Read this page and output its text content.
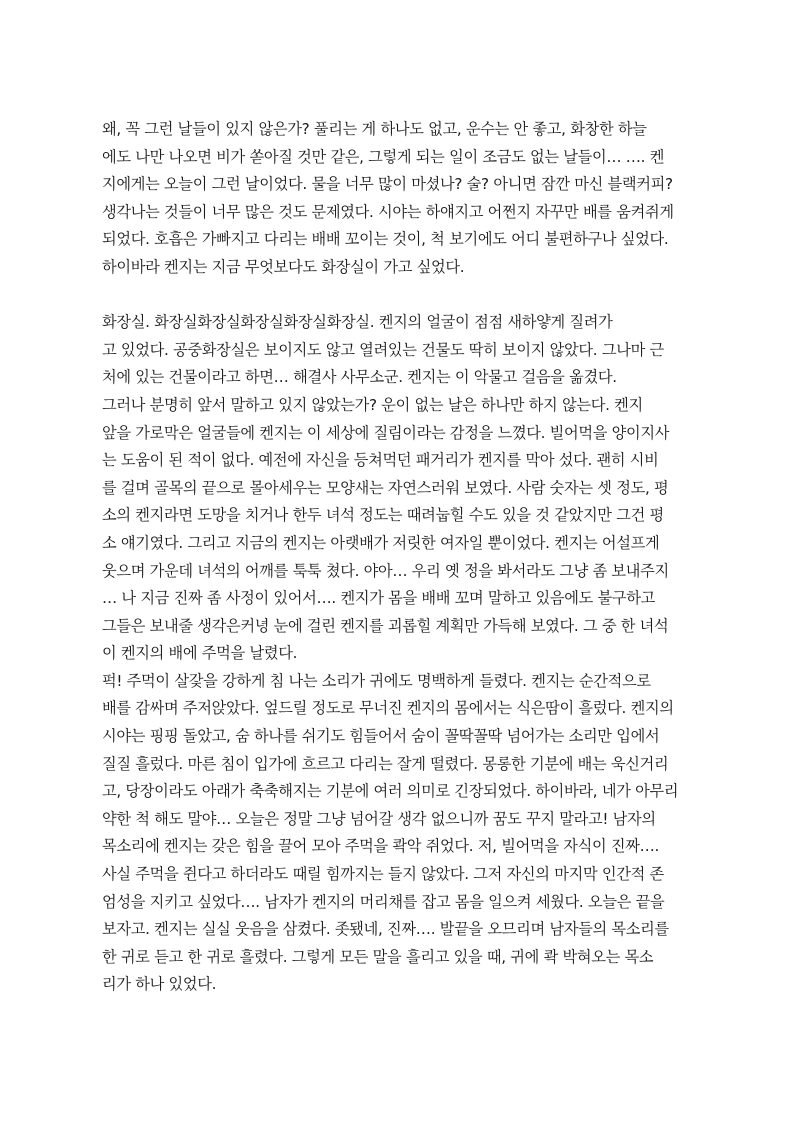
왜, 꼭 그런 날들이 있지 않은가? 풀리는 게 하나도 없고, 운수는 안 좋고, 화창한 하늘
에도 나만 나오면 비가 쏟아질 것만 같은, 그렇게 되는 일이 조금도 없는 날들이… …. 켄
지에게는 오늘이 그런 날이었다. 물을 너무 많이 마셨나? 술? 아니면 잠깐 마신 블랙커피?
생각나는 것들이 너무 많은 것도 문제였다. 시야는 하얘지고 어쩐지 자꾸만 배를 움켜쥐게
되었다. 호흡은 가빠지고 다리는 배배 꼬이는 것이, 척 보기에도 어디 불편하구나 싶었다.
하이바라 켄지는 지금 무엇보다도 화장실이 가고 싶었다.
화장실. 화장실화장실화장실화장실화장실. 켄지의 얼굴이 점점 새하얗게 질려가
고 있었다. 공중화장실은 보이지도 않고 열려있는 건물도 딱히 보이지 않았다. 그나마 근
처에 있는 건물이라고 하면… 해결사 사무소군. 켄지는 이 악물고 걸음을 옮겼다.
그러나 분명히 앞서 말하고 있지 않았는가? 운이 없는 날은 하나만 하지 않는다. 켄지
앞을 가로막은 얼굴들에 켄지는 이 세상에 질림이라는 감정을 느꼈다. 빌어먹을 양이지사
는 도움이 된 적이 없다. 예전에 자신을 등쳐먹던 패거리가 켄지를 막아 섰다. 괜히 시비
를 걸며 골목의 끝으로 몰아세우는 모양새는 자연스러워 보였다. 사람 숫자는 셋 정도, 평
소의 켄지라면 도망을 치거나 한두 녀석 정도는 때려눕힐 수도 있을 것 같았지만 그건 평
소 얘기였다. 그리고 지금의 켄지는 아랫배가 저릿한 여자일 뿐이었다. 켄지는 어설프게
웃으며 가운데 녀석의 어깨를 툭툭 쳤다. 야아… 우리 옛 정을 봐서라도 그냥 좀 보내주지
… 나 지금 진짜 좀 사정이 있어서…. 켄지가 몸을 배배 꼬며 말하고 있음에도 불구하고
그들은 보내줄 생각은커녕 눈에 걸린 켄지를 괴롭힐 계획만 가득해 보였다. 그 중 한 녀석
이 켄지의 배에 주먹을 날렸다.
퍽! 주먹이 살갗을 강하게 침 나는 소리가 귀에도 명백하게 들렸다. 켄지는 순간적으로
배를 감싸며 주저앉았다. 엎드릴 정도로 무너진 켄지의 몸에서는 식은땀이 흘렀다. 켄지의
시야는 핑핑 돌았고, 숨 하나를 쉬기도 힘들어서 숨이 꼴딱꼴딱 넘어가는 소리만 입에서
질질 흘렀다. 마른 침이 입가에 흐르고 다리는 잘게 떨렸다. 몽롱한 기분에 배는 욱신거리
고, 당장이라도 아래가 축축해지는 기분에 여러 의미로 긴장되었다. 하이바라, 네가 아무리
약한 척 해도 말야… 오늘은 정말 그냥 넘어갈 생각 없으니까 꿈도 꾸지 말라고! 남자의
목소리에 켄지는 갖은 힘을 끌어 모아 주먹을 콱악 쥐었다. 저, 빌어먹을 자식이 진짜….
사실 주먹을 쥔다고 하더라도 때릴 힘까지는 들지 않았다. 그저 자신의 마지막 인간적 존
엄성을 지키고 싶었다…. 남자가 켄지의 머리채를 잡고 몸을 일으켜 세웠다. 오늘은 끝을
보자고. 켄지는 실실 웃음을 삼켰다. 좃됐네, 진짜…. 발끝을 오므리며 남자들의 목소리를
한 귀로 듣고 한 귀로 흘렸다. 그렇게 모든 말을 흘리고 있을 때, 귀에 콱 박혀오는 목소
리가 하나 있었다.
